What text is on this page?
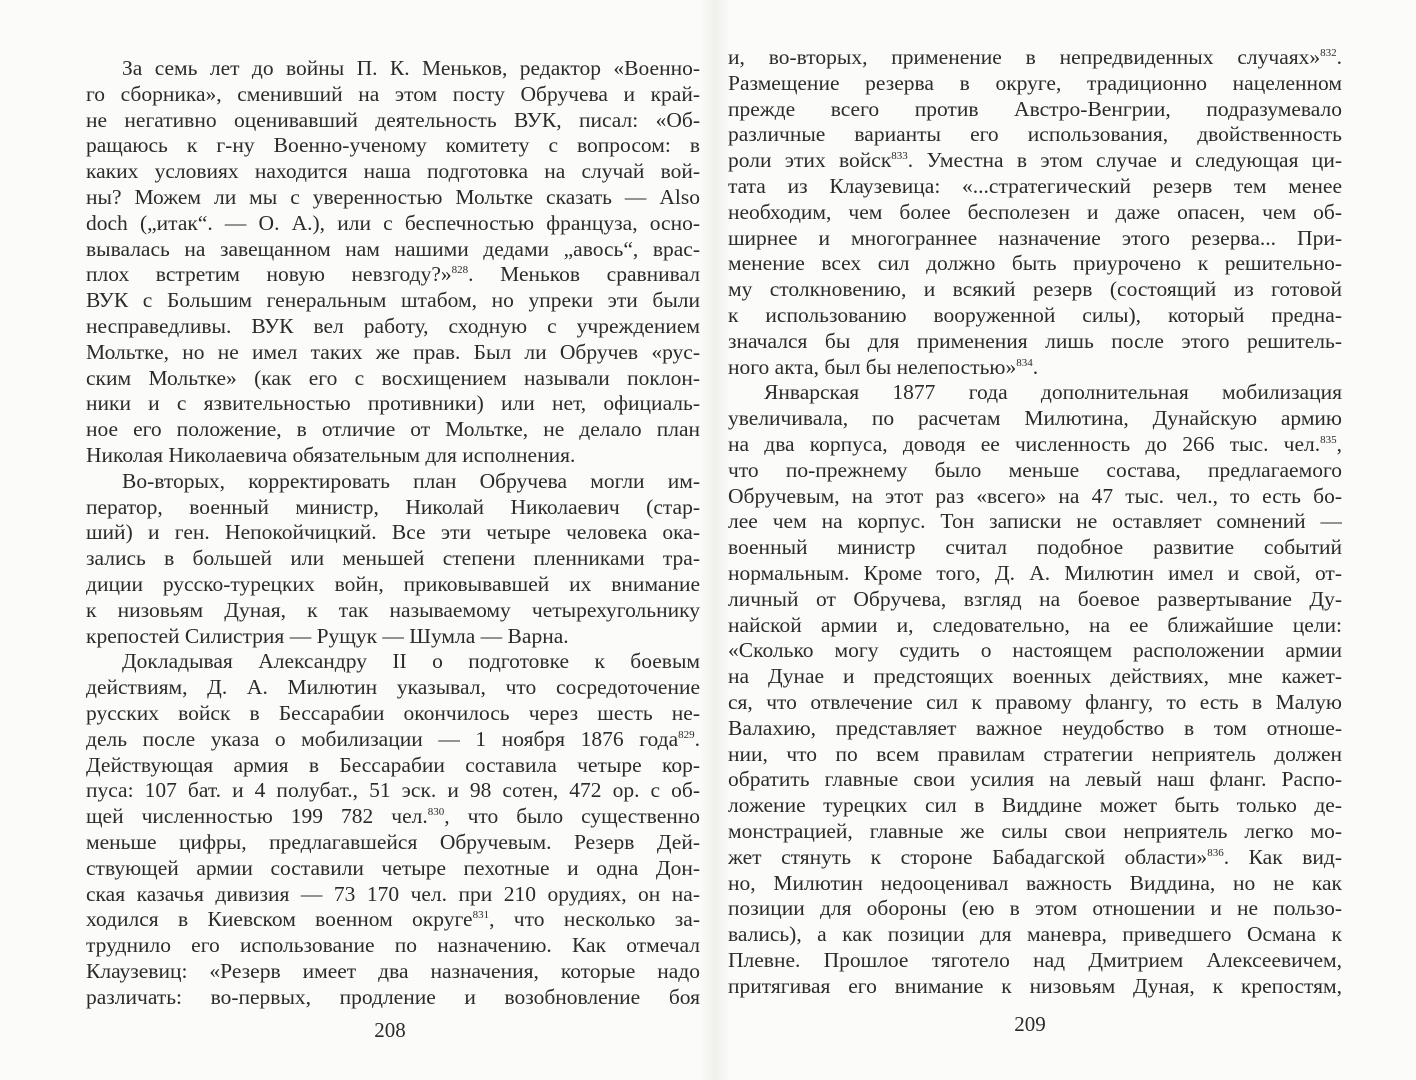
За семь лет до войны П. К. Меньков, редактор «Военно-
го сборника», сменивший на этом посту Обручева и край-
не негативно оценивавший деятельность ВУК, писал: «Об-
ращаюсь к г-ну Военно-ученому комитету с вопросом: в
каких условиях находится наша подготовка на случай вой-
ны? Можем ли мы с уверенностью Мольтке сказать — Also
doch („итак“. — О. А.), или с беспечностью француза, осно-
вывалась на завещанном нам нашими дедами „авось“, врас-
плох встретим новую невзгоду?»$^{828}$. Меньков сравнивал
ВУК с Большим генеральным штабом, но упреки эти были
несправедливы. ВУК вел работу, сходную с учреждением
Мольтке, но не имел таких же прав. Был ли Обручев «рус-
ским Мольтке» (как его с восхищением называли поклон-
ники и с язвительностью противники) или нет, официаль-
ное его положение, в отличие от Мольтке, не делало план
Николая Николаевича обязательным для исполнения.
Во-вторых, корректировать план Обручева могли им-
ператор, военный министр, Николай Николаевич (стар-
ший) и ген. Непокойчицкий. Все эти четыре человека ока-
зались в большей или меньшей степени пленниками тра-
диции русско-турецких войн, приковывавшей их внимание
к низовьям Дуная, к так называемому четырехугольнику
крепостей Силистрия — Рущук — Шумла — Варна.
Докладывая Александру II о подготовке к боевым
действиям, Д. А. Милютин указывал, что сосредоточение
русских войск в Бессарабии окончилось через шесть не-
дель после указа о мобилизации — 1 ноября 1876 года$^{829}$.
Действующая армия в Бессарабии составила четыре кор-
пуса: 107 бат. и 4 полубат., 51 эск. и 98 сотен, 472 ор. с об-
щей численностью 199 782 чел.$^{830}$, что было существенно
меньше цифры, предлагавшейся Обручевым. Резерв Дей-
ствующей армии составили четыре пехотные и одна Дон-
ская казачья дивизия — 73 170 чел. при 210 орудиях, он на-
ходился в Киевском военном округе$^{831}$, что несколько за-
труднило его использование по назначению. Как отмечал
Клаузевиц: «Резерв имеет два назначения, которые надо
различать: во-первых, продление и возобновление боя
и, во-вторых, применение в непредвиденных случаях»$^{832}$.
Размещение резерва в округе, традиционно нацеленном
прежде всего против Австро-Венгрии, подразумевало
различные варианты его использования, двойственность
роли этих войск$^{833}$. Уместна в этом случае и следующая ци-
тата из Клаузевица: «...стратегический резерв тем менее
необходим, чем более бесполезен и даже опасен, чем об-
ширнее и многограннее назначение этого резерва... При-
менение всех сил должно быть приурочено к решительно-
му столкновению, и всякий резерв (состоящий из готовой
к использованию вооруженной силы), который предна-
значался бы для применения лишь после этого решитель-
ного акта, был бы нелепостью»$^{834}$.
Январская 1877 года дополнительная мобилизация
увеличивала, по расчетам Милютина, Дунайскую армию
на два корпуса, доводя ее численность до 266 тыс. чел.$^{835}$,
что по-прежнему было меньше состава, предлагаемого
Обручевым, на этот раз «всего» на 47 тыс. чел., то есть бо-
лее чем на корпус. Тон записки не оставляет сомнений —
военный министр считал подобное развитие событий
нормальным. Кроме того, Д. А. Милютин имел и свой, от-
личный от Обручева, взгляд на боевое развертывание Ду-
найской армии и, следовательно, на ее ближайшие цели:
«Сколько могу судить о настоящем расположении армии
на Дунае и предстоящих военных действиях, мне кажет-
ся, что отвлечение сил к правому флангу, то есть в Малую
Валахию, представляет важное неудобство в том отноше-
нии, что по всем правилам стратегии неприятель должен
обратить главные свои усилия на левый наш фланг. Распо-
ложение турецких сил в Виддине может быть только де-
монстрацией, главные же силы свои неприятель легко мо-
жет стянуть к стороне Бабадагской области»$^{836}$. Как вид-
но, Милютин недооценивал важность Виддина, но не как
позиции для обороны (ею в этом отношении и не пользо-
вались), а как позиции для маневра, приведшего Османа к
Плевне. Прошлое тяготело над Дмитрием Алексеевичем,
притягивая его внимание к низовьям Дуная, к крепостям,
208	209
